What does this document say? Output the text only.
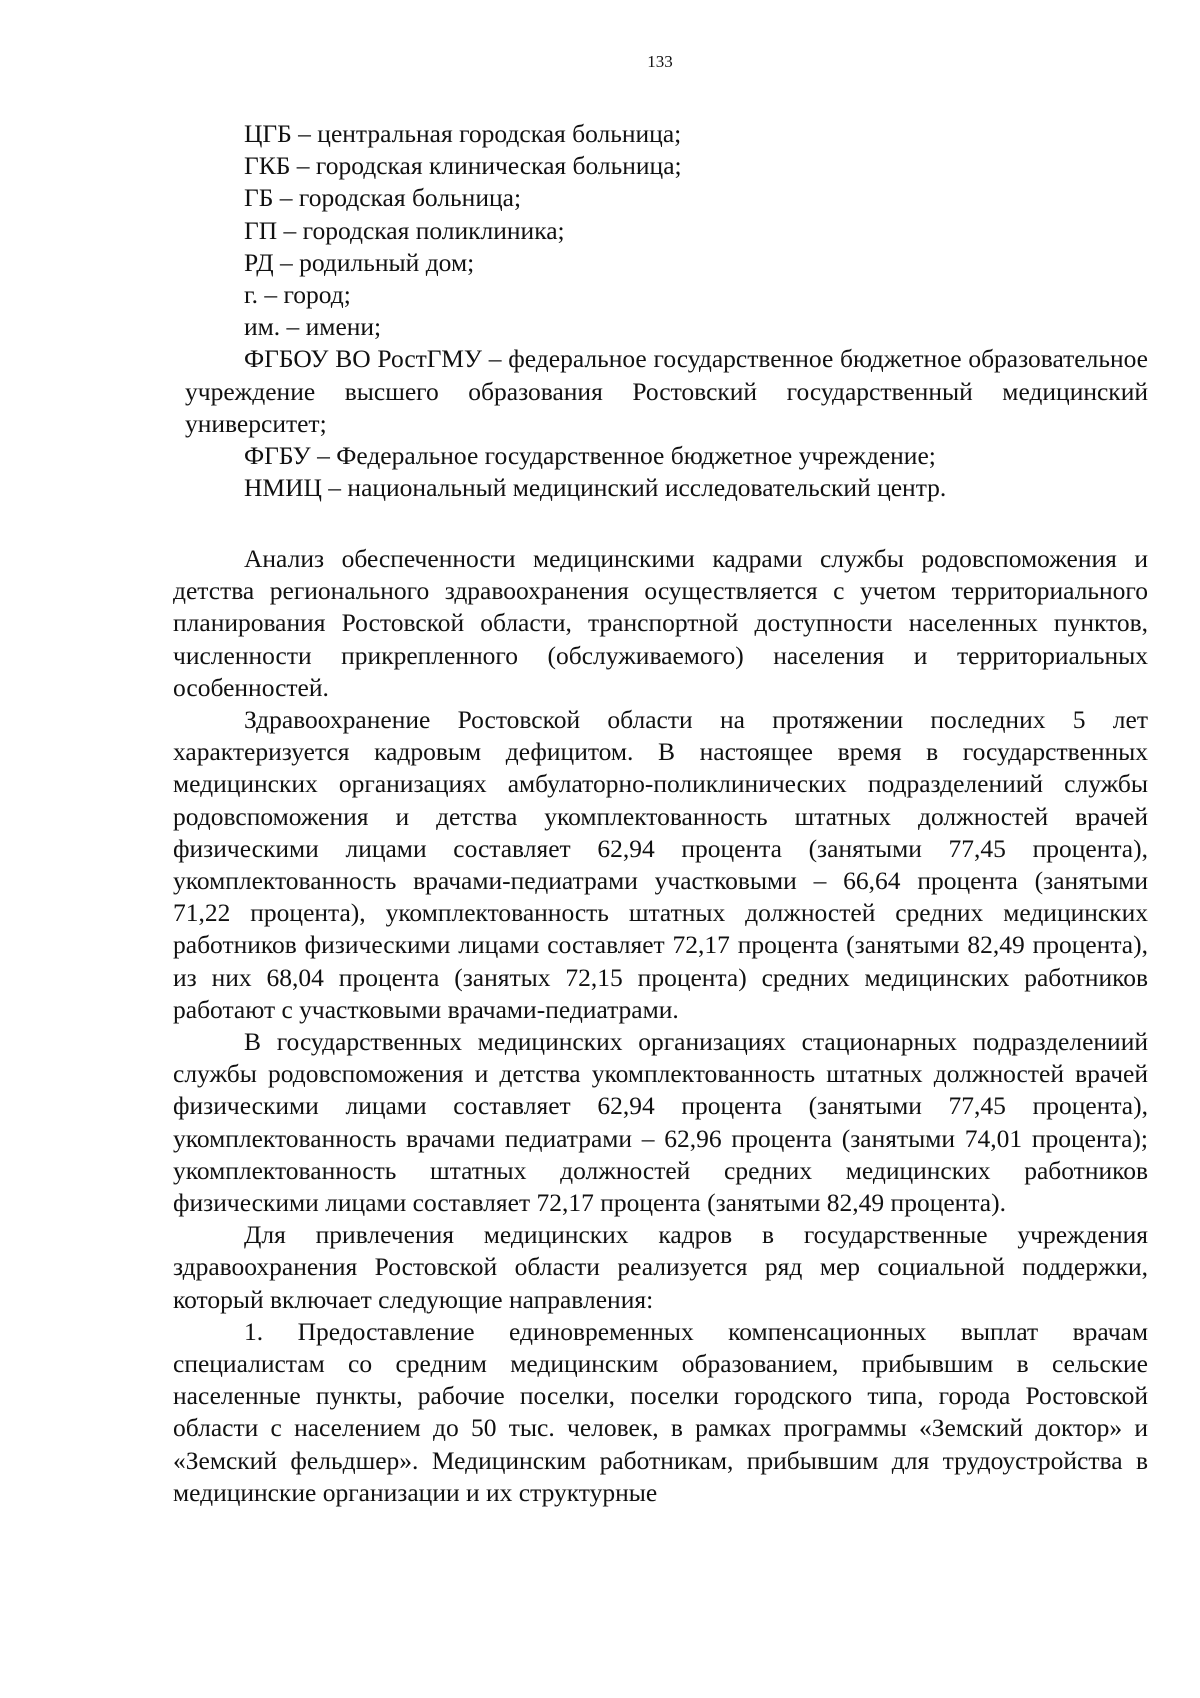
133

ЦГБ – центральная городская больница;

ГКБ – городская клиническая больница;

ГБ – городская больница;

ГП – городская поликлиника;

РД – родильный дом;

г. – город;

им. – имени;

ФГБОУ ВО РостГМУ – федеральное государственное бюджетное образовательное учреждение высшего образования Ростовский государственный медицинский университет;

ФГБУ – Федеральное государственное бюджетное учреждение;

НМИЦ – национальный медицинский исследовательский центр.

Анализ обеспеченности медицинскими кадрами службы родовспоможения и детства регионального здравоохранения осуществляется с учетом территориального планирования Ростовской области, транспортной доступности населенных пунктов, численности прикрепленного (обслуживаемого) населения и территориальных особенностей.

Здравоохранение Ростовской области на протяжении последних 5 лет характеризуется кадровым дефицитом. В настоящее время в государственных медицинских организациях амбулаторно-поликлинических подразделениий службы родовспоможения и детства укомплектованность штатных должностей врачей физическими лицами составляет 62,94 процента (занятыми 77,45 процента), укомплектованность врачами-педиатрами участковыми – 66,64 процента (занятыми 71,22 процента), укомплектованность штатных должностей средних медицинских работников физическими лицами составляет 72,17 процента (занятыми 82,49 процента), из них 68,04 процента (занятых 72,15 процента) средних медицинских работников работают с участковыми врачами-педиатрами.

В государственных медицинских организациях стационарных подразделениий службы родовспоможения и детства укомплектованность штатных должностей врачей физическими лицами составляет 62,94 процента (занятыми 77,45 процента), укомплектованность врачами педиатрами – 62,96 процента (занятыми 74,01 процента); укомплектованность штатных должностей средних медицинских работников физическими лицами составляет 72,17 процента (занятыми 82,49 процента).

Для привлечения медицинских кадров в государственные учреждения здравоохранения Ростовской области реализуется ряд мер социальной поддержки, который включает следующие направления:

1. Предоставление единовременных компенсационных выплат врачам специалистам со средним медицинским образованием, прибывшим в сельские населенные пункты, рабочие поселки, поселки городского типа, города Ростовской области с населением до 50 тыс. человек, в рамках программы «Земский доктор» и «Земский фельдшер». Медицинским работникам, прибывшим для трудоустройства в медицинские организации и их структурные
